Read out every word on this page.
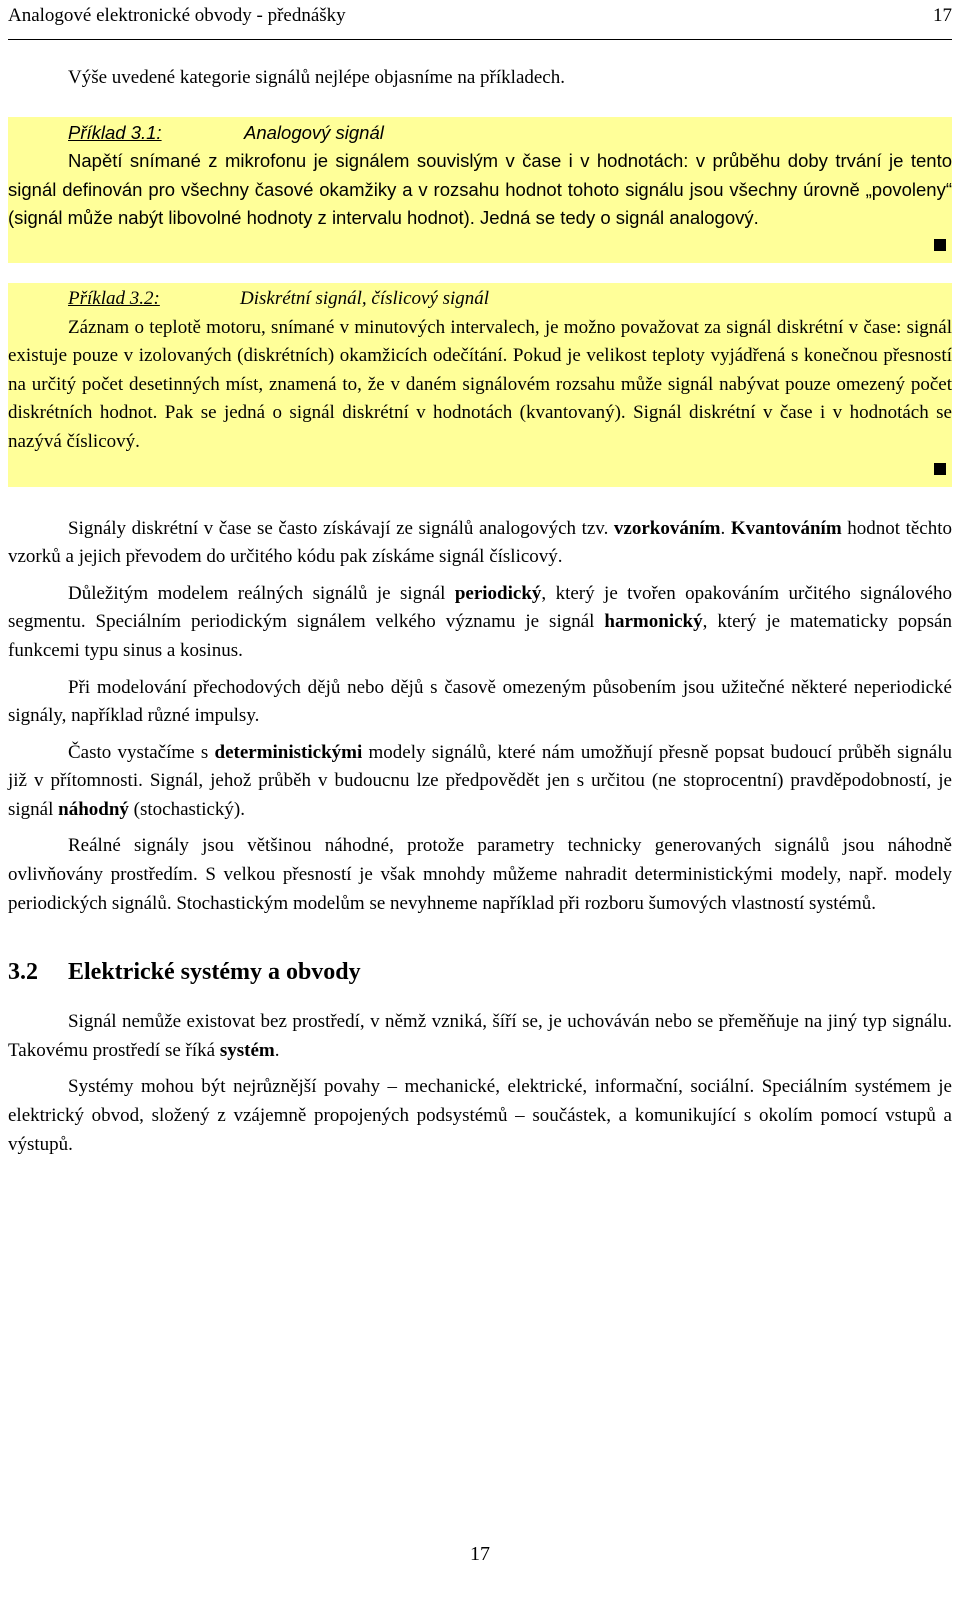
Analogové elektronické obvody - přednášky	17

Výše uvedené kategorie signálů nejlépe objasníme na příkladech.

Příklad 3.1:	Analogový signál

Napětí snímané z mikrofonu je signálem souvislým v čase i v hodnotách: v průběhu doby trvání je tento signál definován pro všechny časové okamžiky a v rozsahu hodnot tohoto signálu jsou všechny úrovně „povoleny“ (signál může nabýt libovolné hodnoty z intervalu hodnot). Jedná se tedy o signál analogový.

Příklad 3.2:	Diskrétní signál, číslicový signál

Záznam o teplotě motoru, snímané v minutových intervalech, je možno považovat za signál diskrétní v čase: signál existuje pouze v izolovaných (diskrétních) okamžicích odečítání. Pokud je velikost teploty vyjádřená s konečnou přesností na určitý počet desetinných míst, znamená to, že v daném signálovém rozsahu může signál nabývat pouze omezený počet diskrétních hodnot. Pak se jedná o signál diskrétní v hodnotách (kvantovaný). Signál diskrétní v čase i v hodnotách se nazývá číslicový.

Signály diskrétní v čase se často získávají ze signálů analogových tzv. vzorkováním. Kvantováním hodnot těchto vzorků a jejich převodem do určitého kódu pak získáme signál číslicový.

Důležitým modelem reálných signálů je signál periodický, který je tvořen opakováním určitého signálového segmentu. Speciálním periodickým signálem velkého významu je signál harmonický, který je matematicky popsán funkcemi typu sinus a kosinus.

Při modelování přechodových dějů nebo dějů s časově omezeným působením jsou užitečné některé neperiodické signály, například různé impulsy.

Často vystačíme s deterministickými modely signálů, které nám umožňují přesně popsat budoucí průběh signálu již v přítomnosti. Signál, jehož průběh v budoucnu lze předpovědět jen s určitou (ne stoprocentní) pravděpodobností, je signál náhodný (stochastický).

Reálné signály jsou většinou náhodné, protože parametry technicky generovaných signálů jsou náhodně ovlivňovány prostředím. S velkou přesností je však mnohdy můžeme nahradit deterministickými modely, např. modely periodických signálů. Stochastickým modelům se nevyhneme například při rozboru šumových vlastností systémů.

3.2 Elektrické systémy a obvody

Signál nemůže existovat bez prostředí, v němž vzniká, šíří se, je uchováván nebo se přeměňuje na jiný typ signálu. Takovému prostředí se říká systém.

Systémy mohou být nejrůznější povahy – mechanické, elektrické, informační, sociální. Speciálním systémem je elektrický obvod, složený z vzájemně propojených podsystémů – součástek, a komunikující s okolím pomocí vstupů a výstupů.

17
